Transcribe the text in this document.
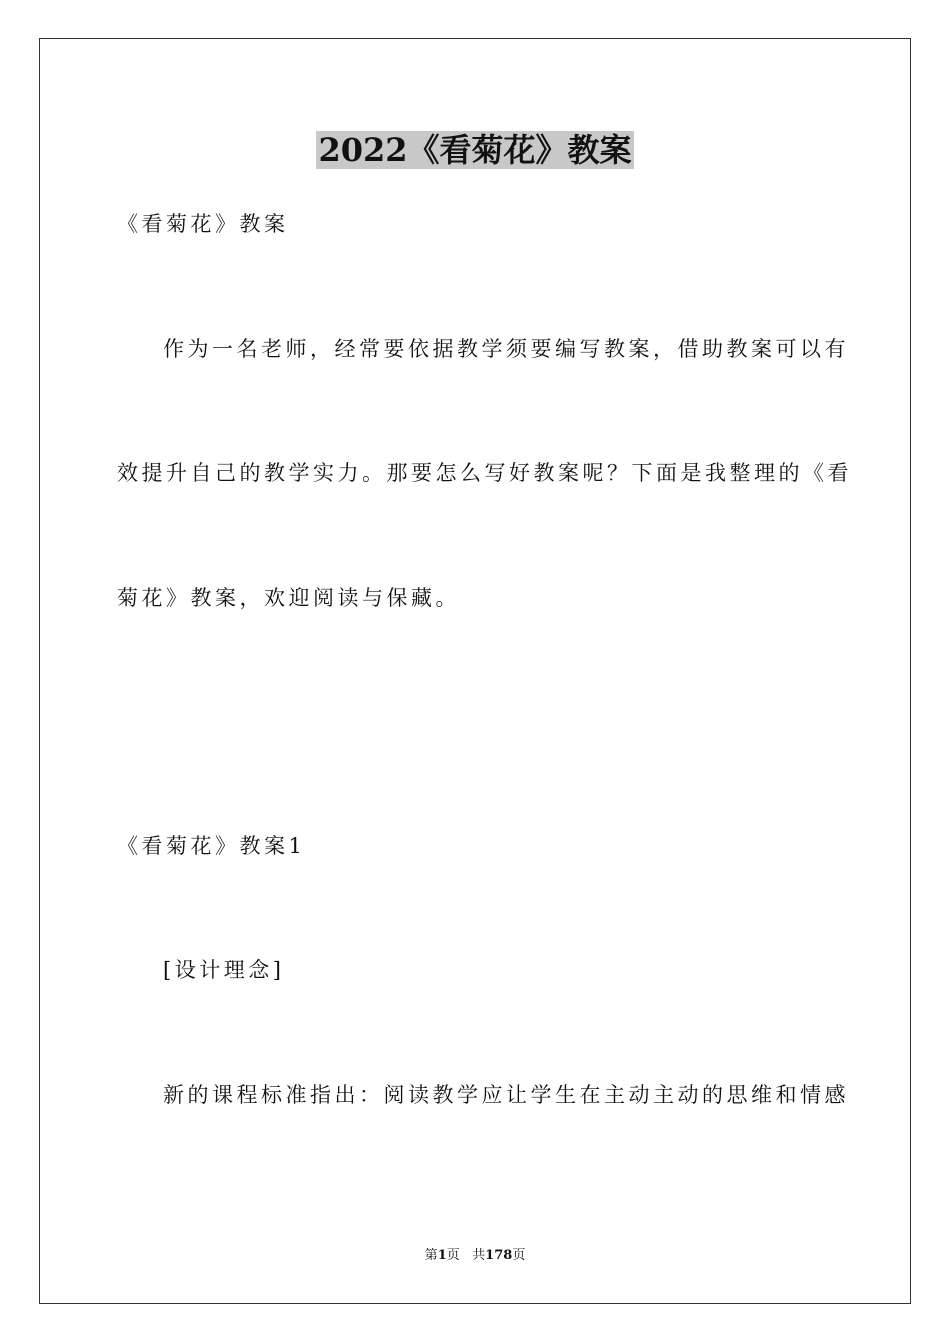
2022《看菊花》教案

《看菊花》教案

作为一名老师，经常要依据教学须要编写教案，借助教案可以有

效提升自己的教学实力。那要怎么写好教案呢？下面是我整理的《看

菊花》教案，欢迎阅读与保藏。

《看菊花》教案1

[设计理念]

新的课程标准指出：阅读教学应让学生在主动主动的思维和情感

第1页 共178页
